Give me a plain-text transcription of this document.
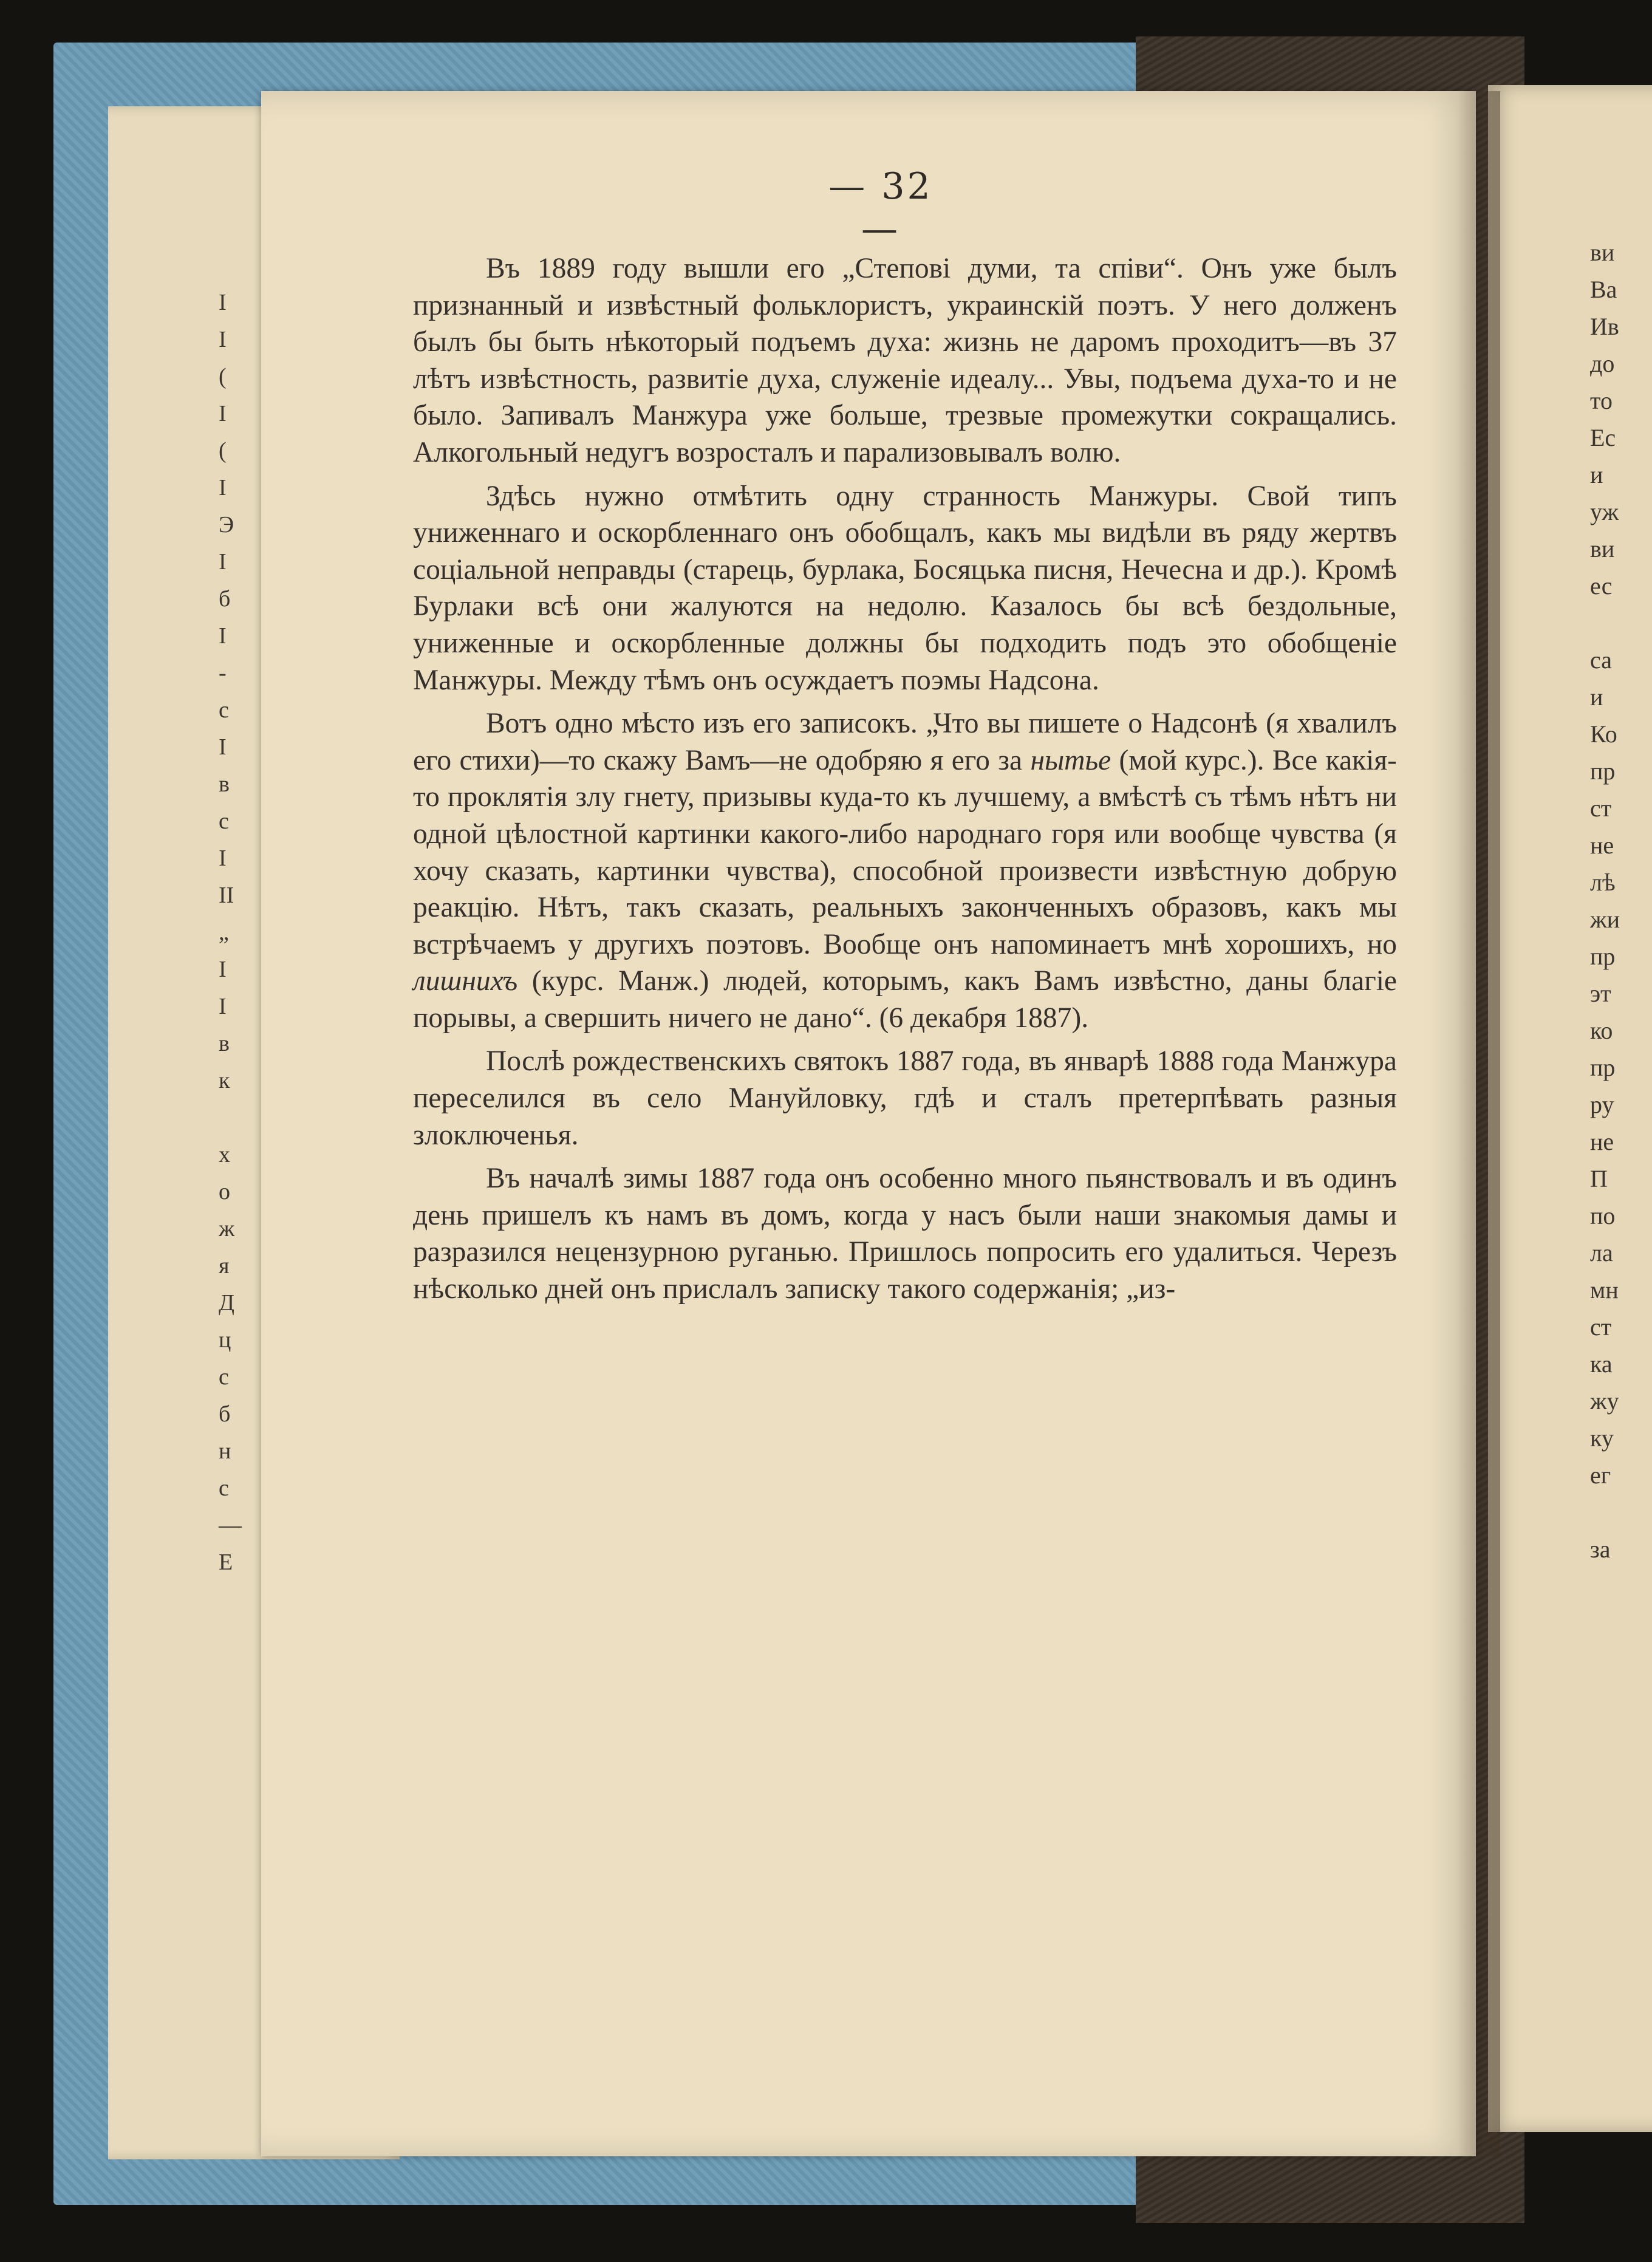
I
I
(
I
(
I
Э
I
б
I
-
с
I
в
с
I
II
„
I
I
в
к
х
о
ж
я
Д
ц
с
б
н
с
—
Е
ви
Ва
Ив
до
то
Ес
и
уж
ви
ес
са
и
Ко
пр
ст
не
лѣ
жи
пр
эт
ко
пр
ру
не
П
по
ла
мн
ст
ка
жу
ку
ег
за
— 32 —

Въ 1889 году вышли его „Степові думи, та співи“. Онъ уже былъ признанный и извѣстный фольклористъ, украинскій поэтъ. У него долженъ былъ бы быть нѣкоторый подъемъ духа: жизнь не даромъ проходитъ—въ 37 лѣтъ извѣстность, развитіе духа, служеніе идеалу... Увы, подъема духа-то и не было. Запивалъ Манжура уже больше, трезвые промежутки сокращались. Алкогольный недугъ возросталъ и парализовывалъ волю.

Здѣсь нужно отмѣтить одну странность Манжуры. Свой типъ униженнаго и оскорбленнаго онъ обобщалъ, какъ мы видѣли въ ряду жертвъ соціальной неправды (старець, бурлака, Босяцька писня, Нечесна и др.). Кромѣ Бурлаки всѣ они жалуются на недолю. Казалось бы всѣ бездольные, униженные и оскорбленные должны бы подходить подъ это обобщеніе Манжуры. Между тѣмъ онъ осуждаетъ поэмы Надсона.

Вотъ одно мѣсто изъ его записокъ. „Что вы пишете о Надсонѣ (я хвалилъ его стихи)—то скажу Вамъ—не одобряю я его за нытье (мой курс.). Все какія-то проклятія злу гнету, призывы куда-то къ лучшему, а вмѣстѣ съ тѣмъ нѣтъ ни одной цѣлостной картинки какого-либо народнаго горя или вообще чувства (я хочу сказать, картинки чувства), способной произвести извѣстную добрую реакцію. Нѣтъ, такъ сказать, реальныхъ законченныхъ образовъ, какъ мы встрѣчаемъ у другихъ поэтовъ. Вообще онъ напоминаетъ мнѣ хорошихъ, но лишнихъ (курс. Манж.) людей, которымъ, какъ Вамъ извѣстно, даны благіе порывы, а свершить ничего не дано“. (6 декабря 1887).

Послѣ рождественскихъ святокъ 1887 года, въ январѣ 1888 года Манжура переселился въ село Мануйловку, гдѣ и сталъ претерпѣвать разныя злоключенья.

Въ началѣ зимы 1887 года онъ особенно много пьянствовалъ и въ одинъ день пришелъ къ намъ въ домъ, когда у насъ были наши знакомыя дамы и разразился нецензурною руганью. Пришлось попросить его удалиться. Черезъ нѣсколько дней онъ прислалъ записку такого содержанія; „из-
